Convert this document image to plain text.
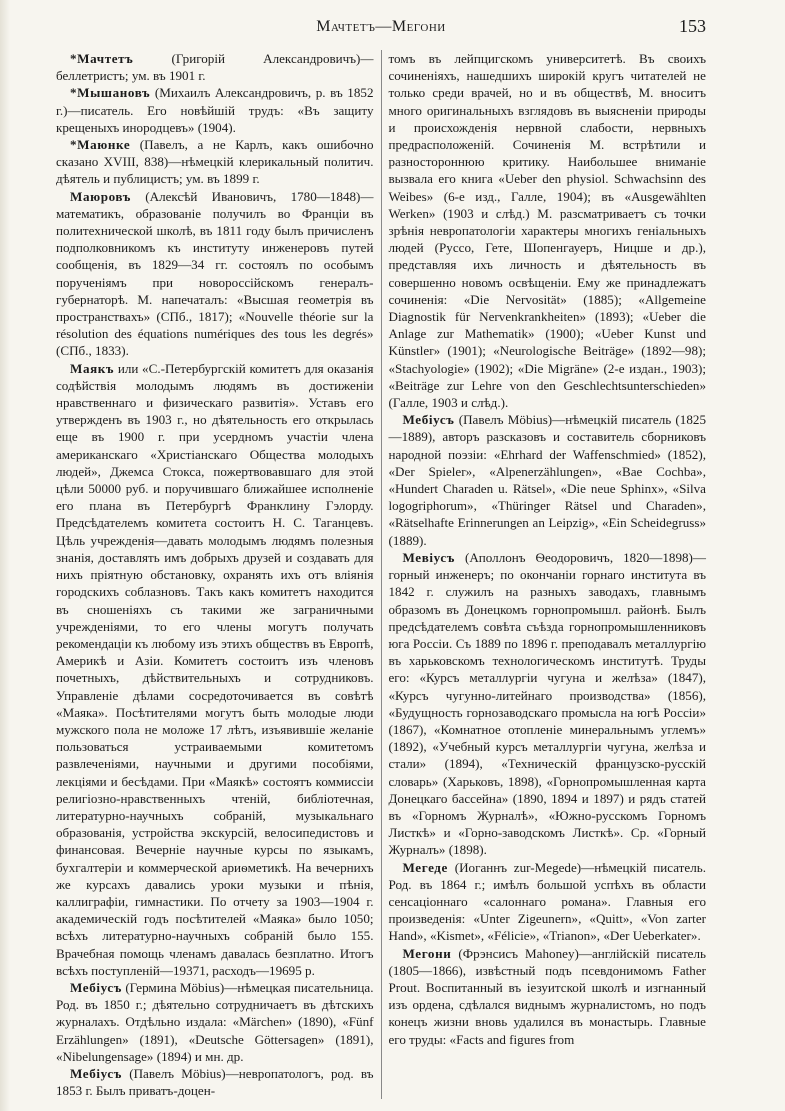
Мачтетъ—Мегони	153

*Мачтетъ (Григорій Александровичъ)—беллетристъ; ум. въ 1901 г.

*Мышановъ (Михаилъ Александровичъ, р. въ 1852 г.)—писатель. Его новѣйшій трудъ: «Въ защиту крещеныхъ инородцевъ» (1904).

*Маюнке (Павелъ, а не Карлъ, какъ ошибочно сказано XVIII, 838)—нѣмецкій клерикальный политич. дѣятель и публицистъ; ум. въ 1899 г.

Маюровъ (Алексѣй Ивановичъ, 1780—1848)—математикъ, образованіе получилъ во Франціи въ политехнической школѣ, въ 1811 году былъ причисленъ подполковникомъ къ институту инженеровъ путей сообщенія, въ 1829—34 гг. состоялъ по особымъ порученіямъ при новороссійскомъ генералъ-губернаторѣ. М. напечаталъ: «Высшая геометрія въ пространствахъ» (СПб., 1817); «Nouvelle théorie sur la résolution des équations numériques des tous les degrés» (СПб., 1833).

Маякъ или «С.-Петербургскій комитетъ для оказанія содѣйствія молодымъ людямъ въ достиженіи нравственнаго и физическаго развитія». Уставъ его утвержденъ въ 1903 г., но дѣятельность его открылась еще въ 1900 г. при усердномъ участіи члена американскаго «Христіанскаго Общества молодыхъ людей», Джемса Стокса, пожертвовавшаго для этой цѣли 50000 руб. и поручившаго ближайшее исполненіе его плана въ Петербургѣ Франклину Гэлорду. Предсѣдателемъ комитета состоитъ Н. С. Таганцевъ. Цѣль учрежденія—давать молодымъ людямъ полезныя знанія, доставлять имъ добрыхъ друзей и создавать для нихъ пріятную обстановку, охранять ихъ отъ вліянія городскихъ соблазновъ. Такъ какъ комитетъ находится въ сношеніяхъ съ такими же заграничными учрежденіями, то его члены могутъ получать рекомендаціи къ любому изъ этихъ обществъ въ Европѣ, Америкѣ и Азіи. Комитетъ состоитъ изъ членовъ почетныхъ, дѣйствительныхъ и сотрудниковъ. Управленіе дѣлами сосредоточивается въ совѣтѣ «Маяка». Посѣтителями могутъ быть молодые люди мужского пола не моложе 17 лѣтъ, изъявившіе желаніе пользоваться устраиваемыми комитетомъ развлеченіями, научными и другими пособіями, лекціями и бесѣдами. При «Маякѣ» состоятъ коммиссіи религіозно-нравственныхъ чтеній, библіотечная, литературно-научныхъ собраній, музыкальнаго образованія, устройства экскурсій, велосипедистовъ и финансовая. Вечерніе научные курсы по языкамъ, бухгалтеріи и коммерческой ариѳметикѣ. На вечернихъ же курсахъ давались уроки музыки и пѣнія, каллиграфіи, гимнастики. По отчету за 1903—1904 г. академическій годъ посѣтителей «Маяка» было 1050; всѣхъ литературно-научныхъ собраній было 155. Врачебная помощь членамъ давалась безплатно. Итогъ всѣхъ поступленій—19371, расходъ—19695 р.

Мебіусъ (Гермина Möbius)—нѣмецкая писательница. Род. въ 1850 г.; дѣятельно сотрудничаетъ въ дѣтскихъ журналахъ. Отдѣльно издала: «Märchen» (1890), «Fünf Erzählungen» (1891), «Deutsche Göttersagen» (1891), «Nibelungensage» (1894) и мн. др.

Мебіусъ (Павелъ Möbius)—невропатологъ, род. въ 1853 г. Былъ приватъ-доцен-

томъ въ лейпцигскомъ университетѣ. Въ своихъ сочиненіяхъ, нашедшихъ широкій кругъ читателей не только среди врачей, но и въ обществѣ, М. вноситъ много оригинальныхъ взглядовъ въ выясненіи природы и происхожденія нервной слабости, нервныхъ предрасположеній. Сочиненія М. встрѣтили и разностороннюю критику. Наибольшее вниманіе вызвала его книга «Ueber den physiol. Schwachsinn des Weibes» (6-е изд., Галле, 1904); въ «Ausgewählten Werken» (1903 и слѣд.) М. разсматриваетъ съ точки зрѣнія невропатологіи характеры многихъ геніальныхъ людей (Руссо, Гете, Шопенгауеръ, Ницше и др.), представляя ихъ личность и дѣятельность въ совершенно новомъ освѣщеніи. Ему же принадлежатъ сочиненія: «Die Nervosität» (1885); «Allgemeine Diagnostik für Nervenkrankheiten» (1893); «Ueber die Anlage zur Mathematik» (1900); «Ueber Kunst und Künstler» (1901); «Neurologische Beiträge» (1892—98); «Stachyologie» (1902); «Die Migräne» (2-е издан., 1903); «Beiträge zur Lehre von den Geschlechtsunterschieden» (Галле, 1903 и слѣд.).

Мебіусъ (Павелъ Möbius)—нѣмецкій писатель (1825—1889), авторъ разсказовъ и составитель сборниковъ народной поэзіи: «Ehrhard der Waffenschmied» (1852), «Der Spieler», «Alpenerzählungen», «Bae Cochba», «Hundert Charaden u. Rätsel», «Die neue Sphinx», «Silva logogriphorum», «Thüringer Rätsel und Charaden», «Rätselhafte Erinnerungen an Leipzig», «Ein Scheidegruss» (1889).

Мевіусъ (Аполлонъ Ѳеодоровичъ, 1820—1898)—горный инженеръ; по окончаніи горнаго института въ 1842 г. служилъ на разныхъ заводахъ, главнымъ образомъ въ Донецкомъ горнопромышл. районѣ. Былъ предсѣдателемъ совѣта съѣзда горнопромышленниковъ юга Россіи. Съ 1889 по 1896 г. преподавалъ металлургію въ харьковскомъ технологическомъ институтѣ. Труды его: «Курсъ металлургіи чугуна и желѣза» (1847), «Курсъ чугунно-литейнаго производства» (1856), «Будущность горнозаводскаго промысла на югѣ Россіи» (1867), «Комнатное отопленіе минеральнымъ углемъ» (1892), «Учебный курсъ металлургіи чугуна, желѣза и стали» (1894), «Техническій французско-русскій словарь» (Харьковъ, 1898), «Горнопромышленная карта Донецкаго бассейна» (1890, 1894 и 1897) и рядъ статей въ «Горномъ Журналѣ», «Южно-русскомъ Горномъ Листкѣ» и «Горно-заводскомъ Листкѣ». Ср. «Горный Журналъ» (1898).

Мегеде (Иоганнъ zur-Megede)—нѣмецкій писатель. Род. въ 1864 г.; имѣлъ большой успѣхъ въ области сенсаціоннаго «салоннаго романа». Главныя его произведенія: «Unter Zigeunern», «Quitt», «Von zarter Hand», «Kismet», «Félicie», «Trianon», «Der Ueberkater».

Мегони (Фрэнсисъ Mahoney)—англійскій писатель (1805—1866), извѣстный подъ псевдонимомъ Father Prout. Воспитанный въ іезуитской школѣ и изгнанный изъ ордена, сдѣлался виднымъ журналистомъ, но подъ конецъ жизни вновь удалился въ монастырь. Главные его труды: «Facts and figures from
